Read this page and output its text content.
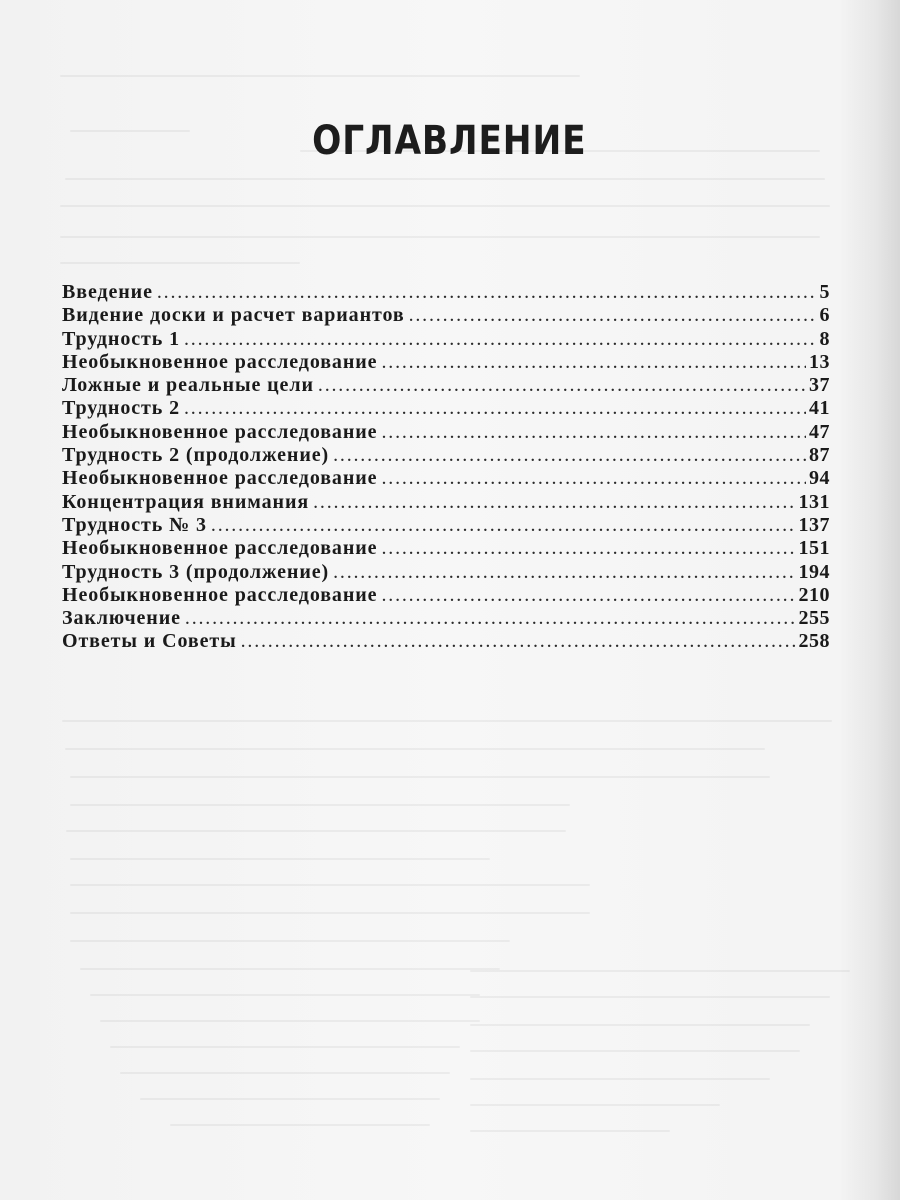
ОГЛАВЛЕНИЕ
Введение . . .	5
Видение доски и расчет вариантов . . .	6
Трудность 1 . . .	8
Необыкновенное расследование . . .	13
Ложные и реальные цели . . .	37
Трудность 2 . . .	41
Необыкновенное расследование . . .	47
Трудность 2 (продолжение) . . .	87
Необыкновенное расследование . . .	94
Концентрация внимания . . .	131
Трудность № 3 . . .	137
Необыкновенное расследование . . .	151
Трудность 3 (продолжение) . . .	194
Необыкновенное расследование . . .	210
Заключение . . .	255
Ответы и Советы . . .	258
